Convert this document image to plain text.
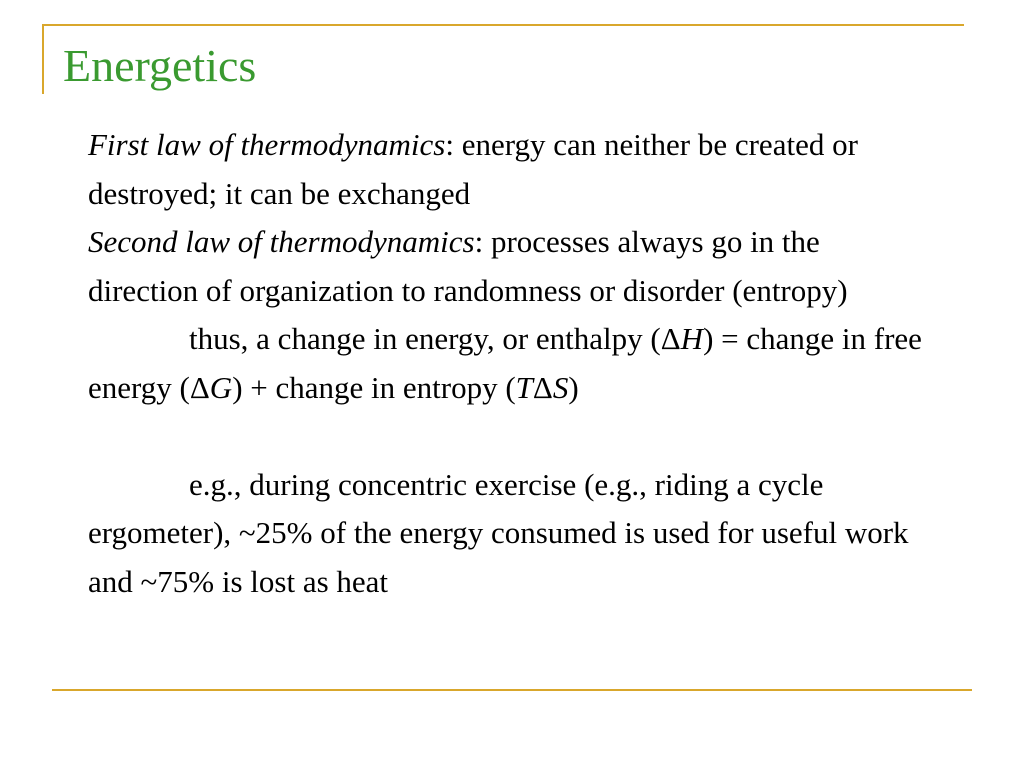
Energetics

First law of thermodynamics: energy can neither be created or destroyed; it can be exchanged

Second law of thermodynamics: processes always go in the direction of organization to randomness or disorder (entropy)

thus, a change in energy, or enthalpy (ΔH) = change in free energy (ΔG) + change in entropy (TΔS)

e.g., during concentric exercise (e.g., riding a cycle ergometer), ~25% of the energy consumed is used for useful work and ~75% is lost as heat
